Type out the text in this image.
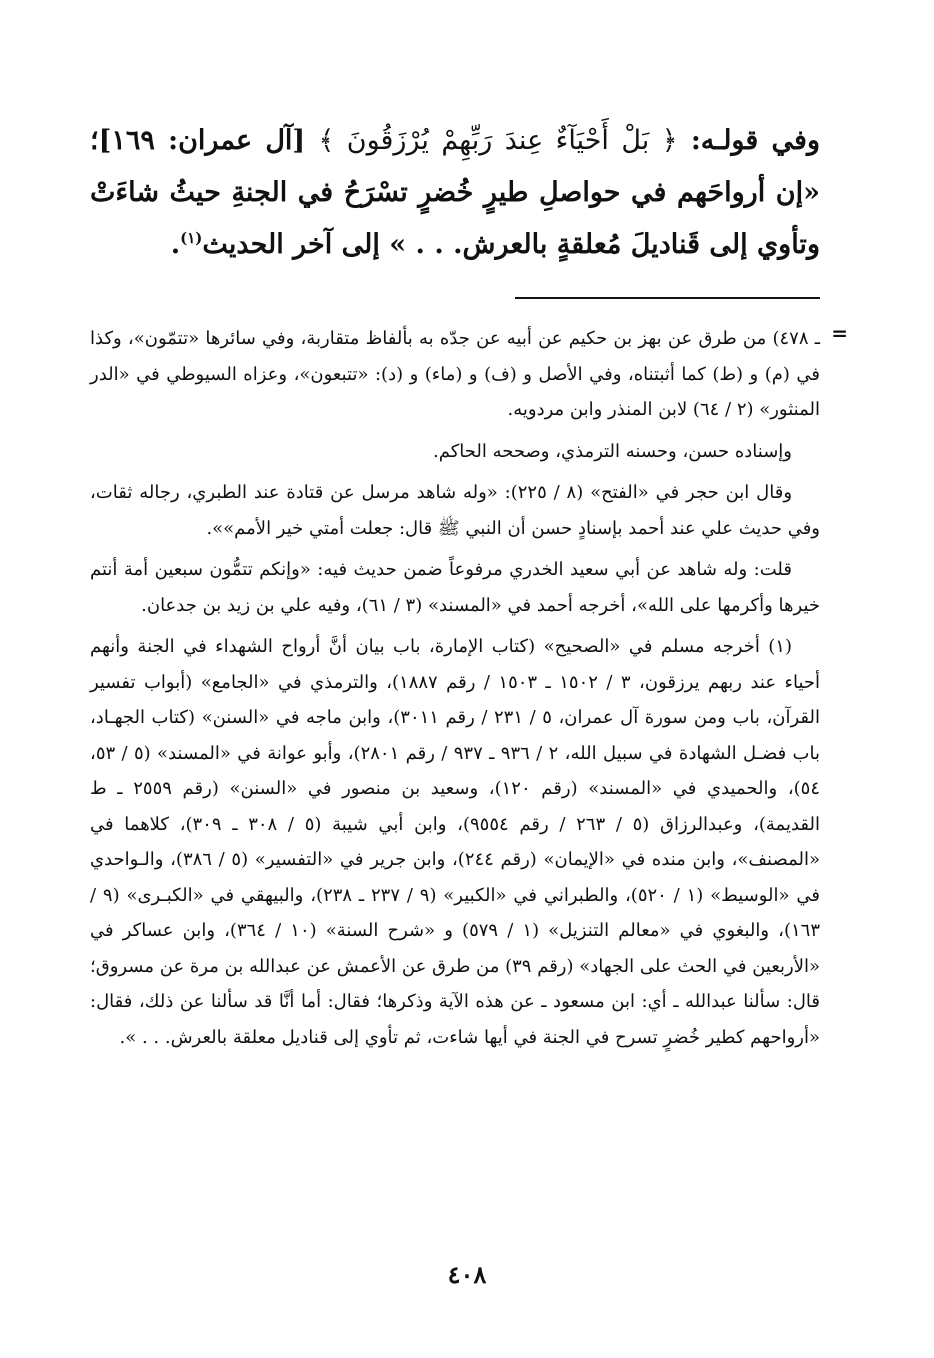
وفي قولـه: ﴿ بَلْ أَحْيَآءٌ عِندَ رَبِّهِمْ يُرْزَقُونَ ﴾ [آل عمران: ١٦٩]؛ «إن أرواحَهم في حواصلِ طيرٍ خُضرٍ تسْرَحُ في الجنةِ حيثُ شاءَتْ وتأوي إلى قَناديلَ مُعلقةٍ بالعرش. . . » إلى آخر الحديث$^{(١)}$.

=

ـ ٤٧٨) من طرق عن بهز بن حكيم عن أبيه عن جدّه به بألفاظ متقاربة، وفي سائرها «تتمّون»، وكذا في (م) و (ط) كما أثبتناه، وفي الأصل و (ف) و (ماء) و (د): «تتبعون»، وعزاه السيوطي في «الدر المنثور» (٢ / ٦٤) لابن المنذر وابن مردويه.

وإسناده حسن، وحسنه الترمذي، وصححه الحاكم.

وقال ابن حجر في «الفتح» (٨ / ٢٢٥): «وله شاهد مرسل عن قتادة عند الطبري، رجاله ثقات، وفي حديث علي عند أحمد بإسنادٍ حسن أن النبي ﷺ قال: جعلت أمتي خير الأمم»».

قلت: وله شاهد عن أبي سعيد الخدري مرفوعاً ضمن حديث فيه: «وإنكم تتمُّون سبعين أمة أنتم خيرها وأكرمها على الله»، أخرجه أحمد في «المسند» (٣ / ٦١)، وفيه علي بن زيد بن جدعان.

(١) أخرجه مسلم في «الصحيح» (كتاب الإمارة، باب بيان أنَّ أرواح الشهداء في الجنة وأنهم أحياء عند ربهم يرزقون، ٣ / ١٥٠٢ ـ ١٥٠٣ / رقم ١٨٨٧)، والترمذي في «الجامع» (أبواب تفسير القرآن، باب ومن سورة آل عمران، ٥ / ٢٣١ / رقم ٣٠١١)، وابن ماجه في «السنن» (كتاب الجهـاد، باب فضـل الشهادة في سبيل الله، ٢ / ٩٣٦ ـ ٩٣٧ / رقم ٢٨٠١)، وأبو عوانة في «المسند» (٥ / ٥٣، ٥٤)، والحميدي في «المسند» (رقم ١٢٠)، وسعيد بن منصور في «السنن» (رقم ٢٥٥٩ ـ ط القديمة)، وعبدالرزاق (٥ / ٢٦٣ / رقم ٩٥٥٤)، وابن أبي شيبة (٥ / ٣٠٨ ـ ٣٠٩)، كلاهما في «المصنف»، وابن منده في «الإيمان» (رقم ٢٤٤)، وابن جرير في «التفسير» (٥ / ٣٨٦)، والـواحدي في «الوسيط» (١ / ٥٢٠)، والطبراني في «الكبير» (٩ / ٢٣٧ ـ ٢٣٨)، والبيهقي في «الكبـرى» (٩ / ١٦٣)، والبغوي في «معالم التنزيل» (١ / ٥٧٩) و «شرح السنة» (١٠ / ٣٦٤)، وابن عساكر في «الأربعين في الحث على الجهاد» (رقم ٣٩) من طرق عن الأعمش عن عبدالله بن مرة عن مسروق؛ قال: سألنا عبدالله ـ أي: ابن مسعود ـ عن هذه الآية وذكرها؛ فقال: أما أنَّا قد سألنا عن ذلك، فقال: «أرواحهم كطير خُضرٍ تسرح في الجنة في أيها شاءت، ثم تأوي إلى قناديل معلقة بالعرش. . . ».

٤٠٨
